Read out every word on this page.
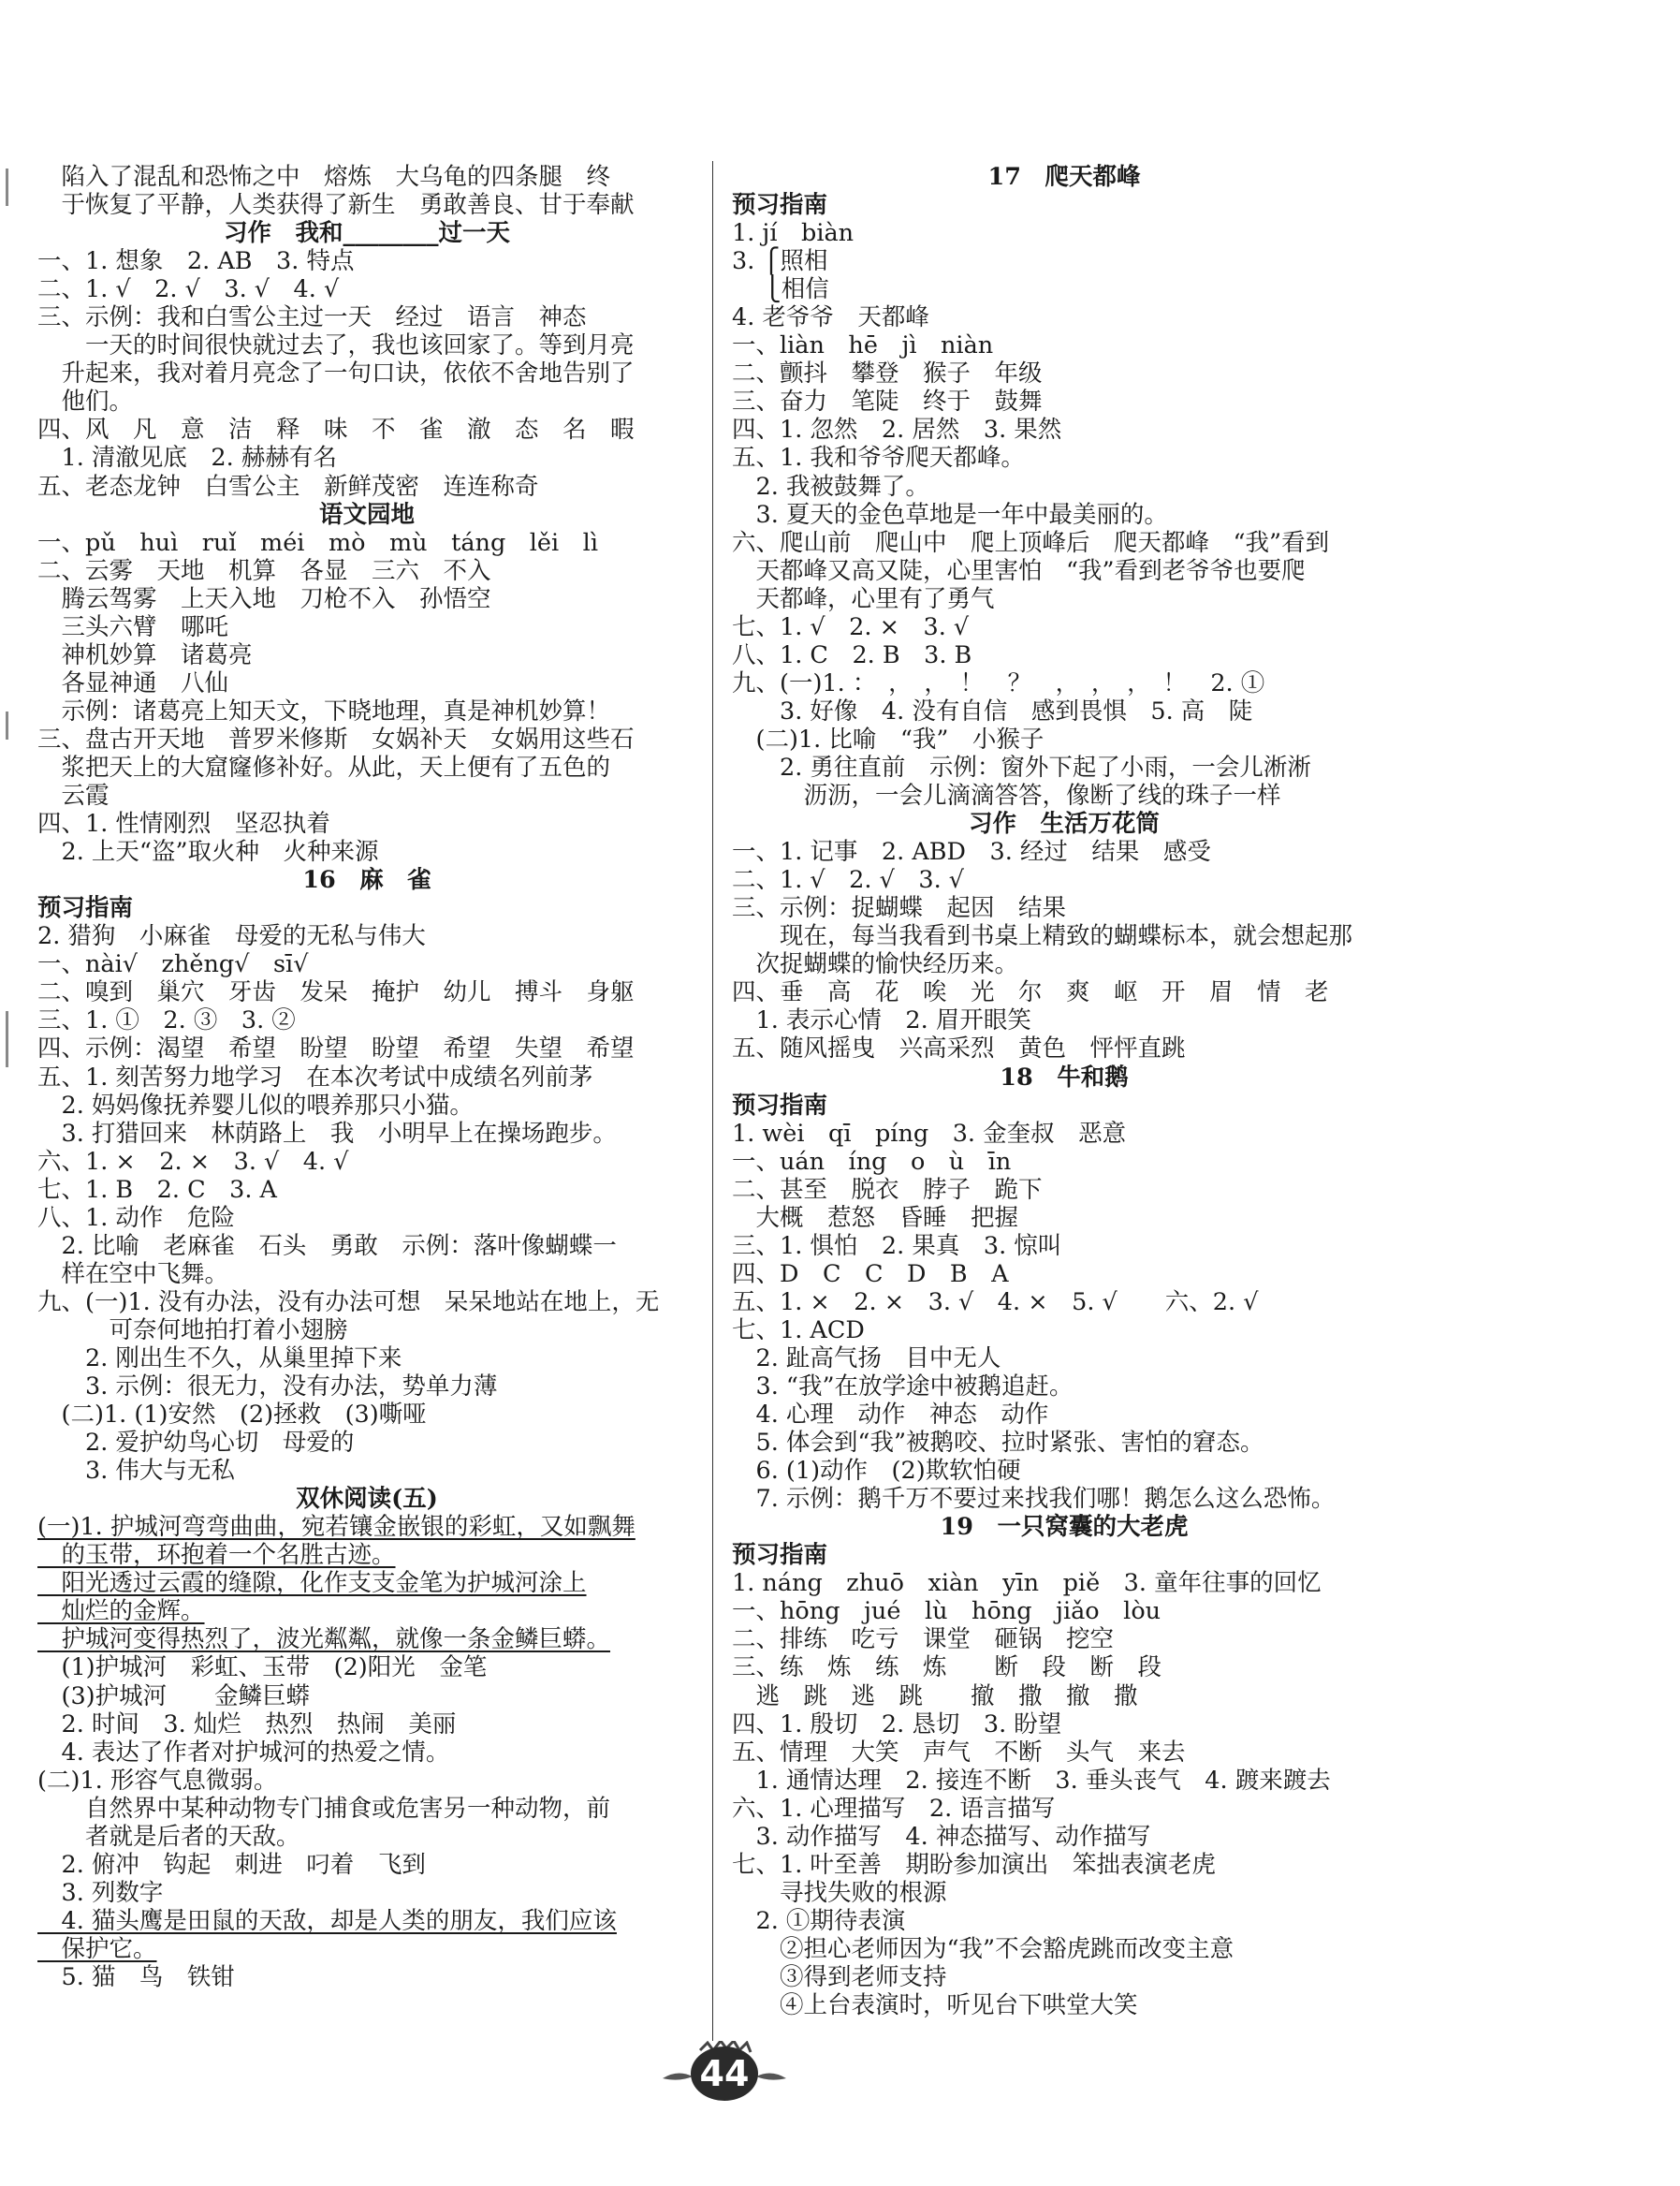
　陷入了混乱和恐怖之中　熔炼　大乌龟的四条腿　终
　于恢复了平静，人类获得了新生　勇敢善良、甘于奉献
习作　我和________过一天
一、1. 想象　2. AB　3. 特点
二、1. √　2. √　3. √　4. √
三、示例：我和白雪公主过一天　经过　语言　神态
　　一天的时间很快就过去了，我也该回家了。等到月亮
　升起来，我对着月亮念了一句口诀，依依不舍地告别了
　他们。
四、风　凡　意　洁　释　味　不　雀　澈　态　名　暇
　1. 清澈见底　2. 赫赫有名
五、老态龙钟　白雪公主　新鲜茂密　连连称奇
语文园地
一、pǔ　huì　ruǐ　méi　mò　mù　táng　lěi　lì
二、云雾　天地　机算　各显　三六　不入
　腾云驾雾　上天入地　刀枪不入　孙悟空
　三头六臂　哪吒
　神机妙算　诸葛亮
　各显神通　八仙
　示例：诸葛亮上知天文，下晓地理，真是神机妙算！
三、盘古开天地　普罗米修斯　女娲补天　女娲用这些石
　浆把天上的大窟窿修补好。从此，天上便有了五色的
　云霞
四、1. 性情刚烈　坚忍执着
　2. 上天“盗”取火种　火种来源
16　麻　雀
预习指南
2. 猎狗　小麻雀　母爱的无私与伟大
一、nài√　zhěng√　sī√
二、嗅到　巢穴　牙齿　发呆　掩护　幼儿　搏斗　身躯
三、1. ①　2. ③　3. ②
四、示例：渴望　希望　盼望　盼望　希望　失望　希望
五、1. 刻苦努力地学习　在本次考试中成绩名列前茅
　2. 妈妈像抚养婴儿似的喂养那只小猫。
　3. 打猎回来　林荫路上　我　小明早上在操场跑步。
六、1. ×　2. ×　3. √　4. √
七、1. B　2. C　3. A
八、1. 动作　危险
　2. 比喻　老麻雀　石头　勇敢　示例：落叶像蝴蝶一
　样在空中飞舞。
九、(一)1. 没有办法，没有办法可想　呆呆地站在地上，无
　　　可奈何地拍打着小翅膀
　　2. 刚出生不久，从巢里掉下来
　　3. 示例：很无力，没有办法，势单力薄
　(二)1. (1)安然　(2)拯救　(3)嘶哑
　　2. 爱护幼鸟心切　母爱的
　　3. 伟大与无私
双休阅读(五)
(一)1. 护城河弯弯曲曲，宛若镶金嵌银的彩虹，又如飘舞
　的玉带，环抱着一个名胜古迹。
　阳光透过云霞的缝隙，化作支支金笔为护城河涂上
　灿烂的金辉。
　护城河变得热烈了，波光粼粼，就像一条金鳞巨蟒。
　(1)护城河　彩虹、玉带　(2)阳光　金笔
　(3)护城河　　金鳞巨蟒
　2. 时间　3. 灿烂　热烈　热闹　美丽
　4. 表达了作者对护城河的热爱之情。
(二)1. 形容气息微弱。
　　自然界中某种动物专门捕食或危害另一种动物，前
　　者就是后者的天敌。
　2. 俯冲　钩起　刺进　叼着　飞到
　3. 列数字
　4. 猫头鹰是田鼠的天敌，却是人类的朋友，我们应该
　保护它。
　5. 猫　鸟　铁钳
17　爬天都峰
预习指南
1. jí　biàn
3. ⎧照相
　 ⎩相信
4. 老爷爷　天都峰
一、liàn　hē　jì　niàn
二、颤抖　攀登　猴子　年级
三、奋力　笔陡　终于　鼓舞
四、1. 忽然　2. 居然　3. 果然
五、1. 我和爷爷爬天都峰。
　2. 我被鼓舞了。
　3. 夏天的金色草地是一年中最美丽的。
六、爬山前　爬山中　爬上顶峰后　爬天都峰　“我”看到
　天都峰又高又陡，心里害怕　“我”看到老爷爷也要爬
　天都峰，心里有了勇气
七、1. √　2. ×　3. √
八、1. C　2. B　3. B
九、(一)1. ：　，　，　！　？　，　，　，　！　2. ①
　　3. 好像　4. 没有自信　感到畏惧　5. 高　陡
　(二)1. 比喻　“我”　小猴子
　　2. 勇往直前　示例：窗外下起了小雨，一会儿淅淅
　　　沥沥，一会儿滴滴答答，像断了线的珠子一样
习作　生活万花筒
一、1. 记事　2. ABD　3. 经过　结果　感受
二、1. √　2. √　3. √
三、示例：捉蝴蝶　起因　结果
　　现在，每当我看到书桌上精致的蝴蝶标本，就会想起那
　次捉蝴蝶的愉快经历来。
四、垂　高　花　唉　光　尔　爽　岖　开　眉　情　老
　1. 表示心情　2. 眉开眼笑
五、随风摇曳　兴高采烈　黄色　怦怦直跳
18　牛和鹅
预习指南
1. wèi　qī　píng　3. 金奎叔　恶意
一、uán　íng　o　ù　īn
二、甚至　脱衣　脖子　跪下
　大概　惹怒　昏睡　把握
三、1. 惧怕　2. 果真　3. 惊叫
四、D　C　C　D　B　A
五、1. ×　2. ×　3. √　4. ×　5. √　　六、2. √
七、1. ACD
　2. 趾高气扬　目中无人
　3. “我”在放学途中被鹅追赶。
　4. 心理　动作　神态　动作
　5. 体会到“我”被鹅咬、拉时紧张、害怕的窘态。
　6. (1)动作　(2)欺软怕硬
　7. 示例：鹅千万不要过来找我们哪！鹅怎么这么恐怖。
19　一只窝囊的大老虎
预习指南
1. náng　zhuō　xiàn　yīn　piě　3. 童年往事的回忆
一、hōng　jué　lù　hōng　jiǎo　lòu
二、排练　吃亏　课堂　砸锅　挖空
三、练　炼　练　炼　　断　段　断　段
　逃　跳　逃　跳　　撤　撒　撤　撒
四、1. 殷切　2. 恳切　3. 盼望
五、情理　大笑　声气　不断　头气　来去
　1. 通情达理　2. 接连不断　3. 垂头丧气　4. 踱来踱去
六、1. 心理描写　2. 语言描写
　3. 动作描写　4. 神态描写、动作描写
七、1. 叶至善　期盼参加演出　笨拙表演老虎
　　寻找失败的根源
　2. ①期待表演
　　②担心老师因为“我”不会豁虎跳而改变主意
　　③得到老师支持
　　④上台表演时，听见台下哄堂大笑
44
